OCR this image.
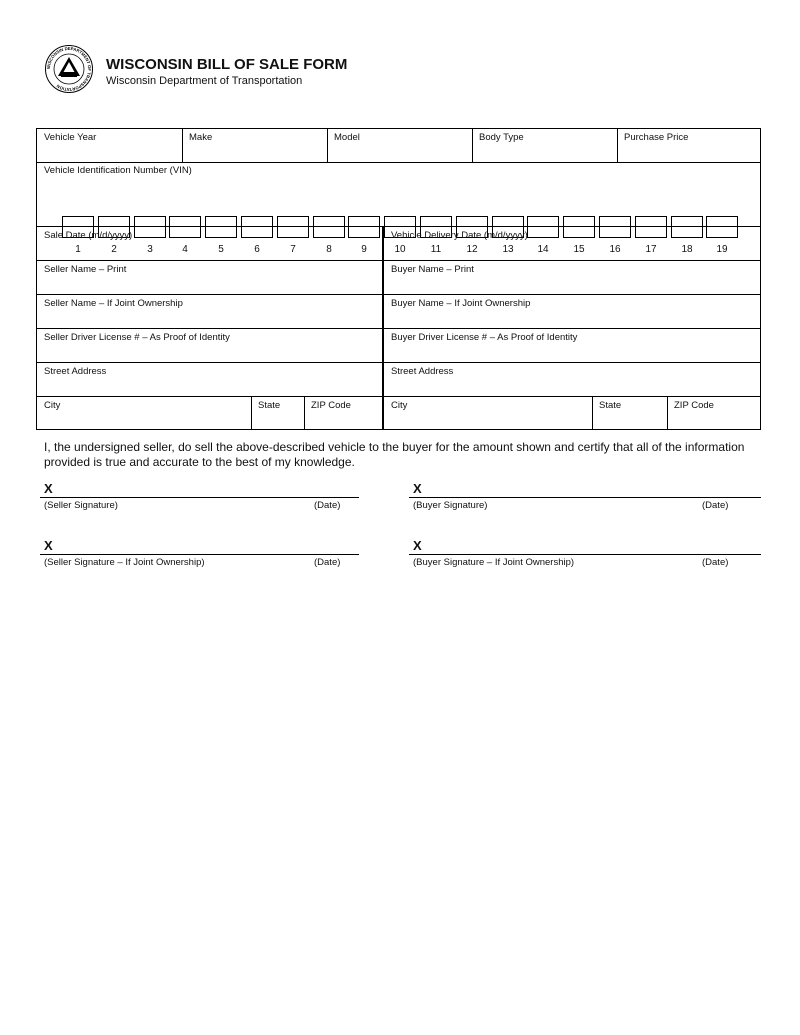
WISCONSIN DEPARTMENT OF TRANSPORTATION
WISCONSIN BILL OF SALE FORM
Wisconsin Department of Transportation
Vehicle Year	Make	Model	Body Type	Purchase Price
Vehicle Identification Number (VIN)
1	2	3	4	5	6	7	8	9	10	11	12	13	14	15	16	17	18	19
Sale Date (m/d/yyyy)
Seller Name – Print
Seller Name – If Joint Ownership
Seller Driver License # – As Proof of Identity
Street Address
City	State	ZIP Code
Vehicle Delivery Date (m/d/yyyy)
Buyer Name – Print
Buyer Name – If Joint Ownership
Buyer Driver License # – As Proof of Identity
Street Address
City	State	ZIP Code
I, the undersigned seller, do sell the above-described vehicle to the buyer for the amount shown and certify that all of the information provided is true and accurate to the best of my knowledge.
X
(Seller Signature)	(Date)
X
(Buyer Signature)	(Date)
X
(Seller Signature – If Joint Ownership)	(Date)
X
(Buyer Signature – If Joint Ownership)	(Date)
